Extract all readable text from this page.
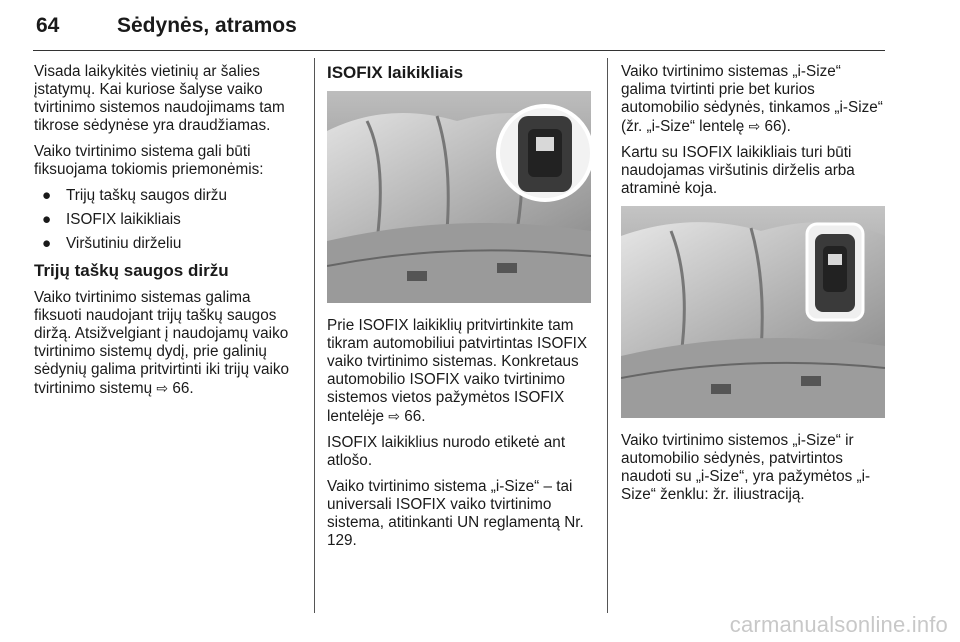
64	Sėdynės, atramos

Visada laikykitės vietinių ar šalies įstatymų. Kai kuriose šalyse vaiko tvirtinimo sistemos naudojimams tam tikrose sėdynėse yra draudžiamas.

Vaiko tvirtinimo sistema gali būti fiksuojama tokiomis priemonėmis:

● Trijų taškų saugos diržu
● ISOFIX laikikliais
● Viršutiniu dirželiu
Trijų taškų saugos diržu

Vaiko tvirtinimo sistemas galima fiksuoti naudojant trijų taškų saugos diržą. Atsižvelgiant į naudojamų vaiko tvirtinimo sistemų dydį, prie galinių sėdynių galima pritvirtinti iki trijų vaiko tvirtinimo sistemų ⇨ 66.

ISOFIX laikikliais

Prie ISOFIX laikiklių pritvirtinkite tam tikram automobiliui patvirtintas ISOFIX vaiko tvirtinimo sistemas. Konkretaus automobilio ISOFIX vaiko tvirtinimo sistemos vietos pažymėtos ISOFIX lentelėje ⇨ 66.

ISOFIX laikiklius nurodo etiketė ant atlošo.

Vaiko tvirtinimo sistema „i-Size“ – tai universali ISOFIX vaiko tvirtinimo sistema, atitinkanti UN reglamentą Nr. 129.

Vaiko tvirtinimo sistemas „i-Size“ galima tvirtinti prie bet kurios automobilio sėdynės, tinkamos „i-Size“ (žr. „i-Size“ lentelę ⇨ 66).

Kartu su ISOFIX laikikliais turi būti naudojamas viršutinis dirželis arba atraminė koja.

Vaiko tvirtinimo sistemos „i-Size“ ir automobilio sėdynės, patvirtintos naudoti su „i-Size“, yra pažymėtos „i-Size“ ženklu: žr. iliustraciją.

carmanualsonline.info
